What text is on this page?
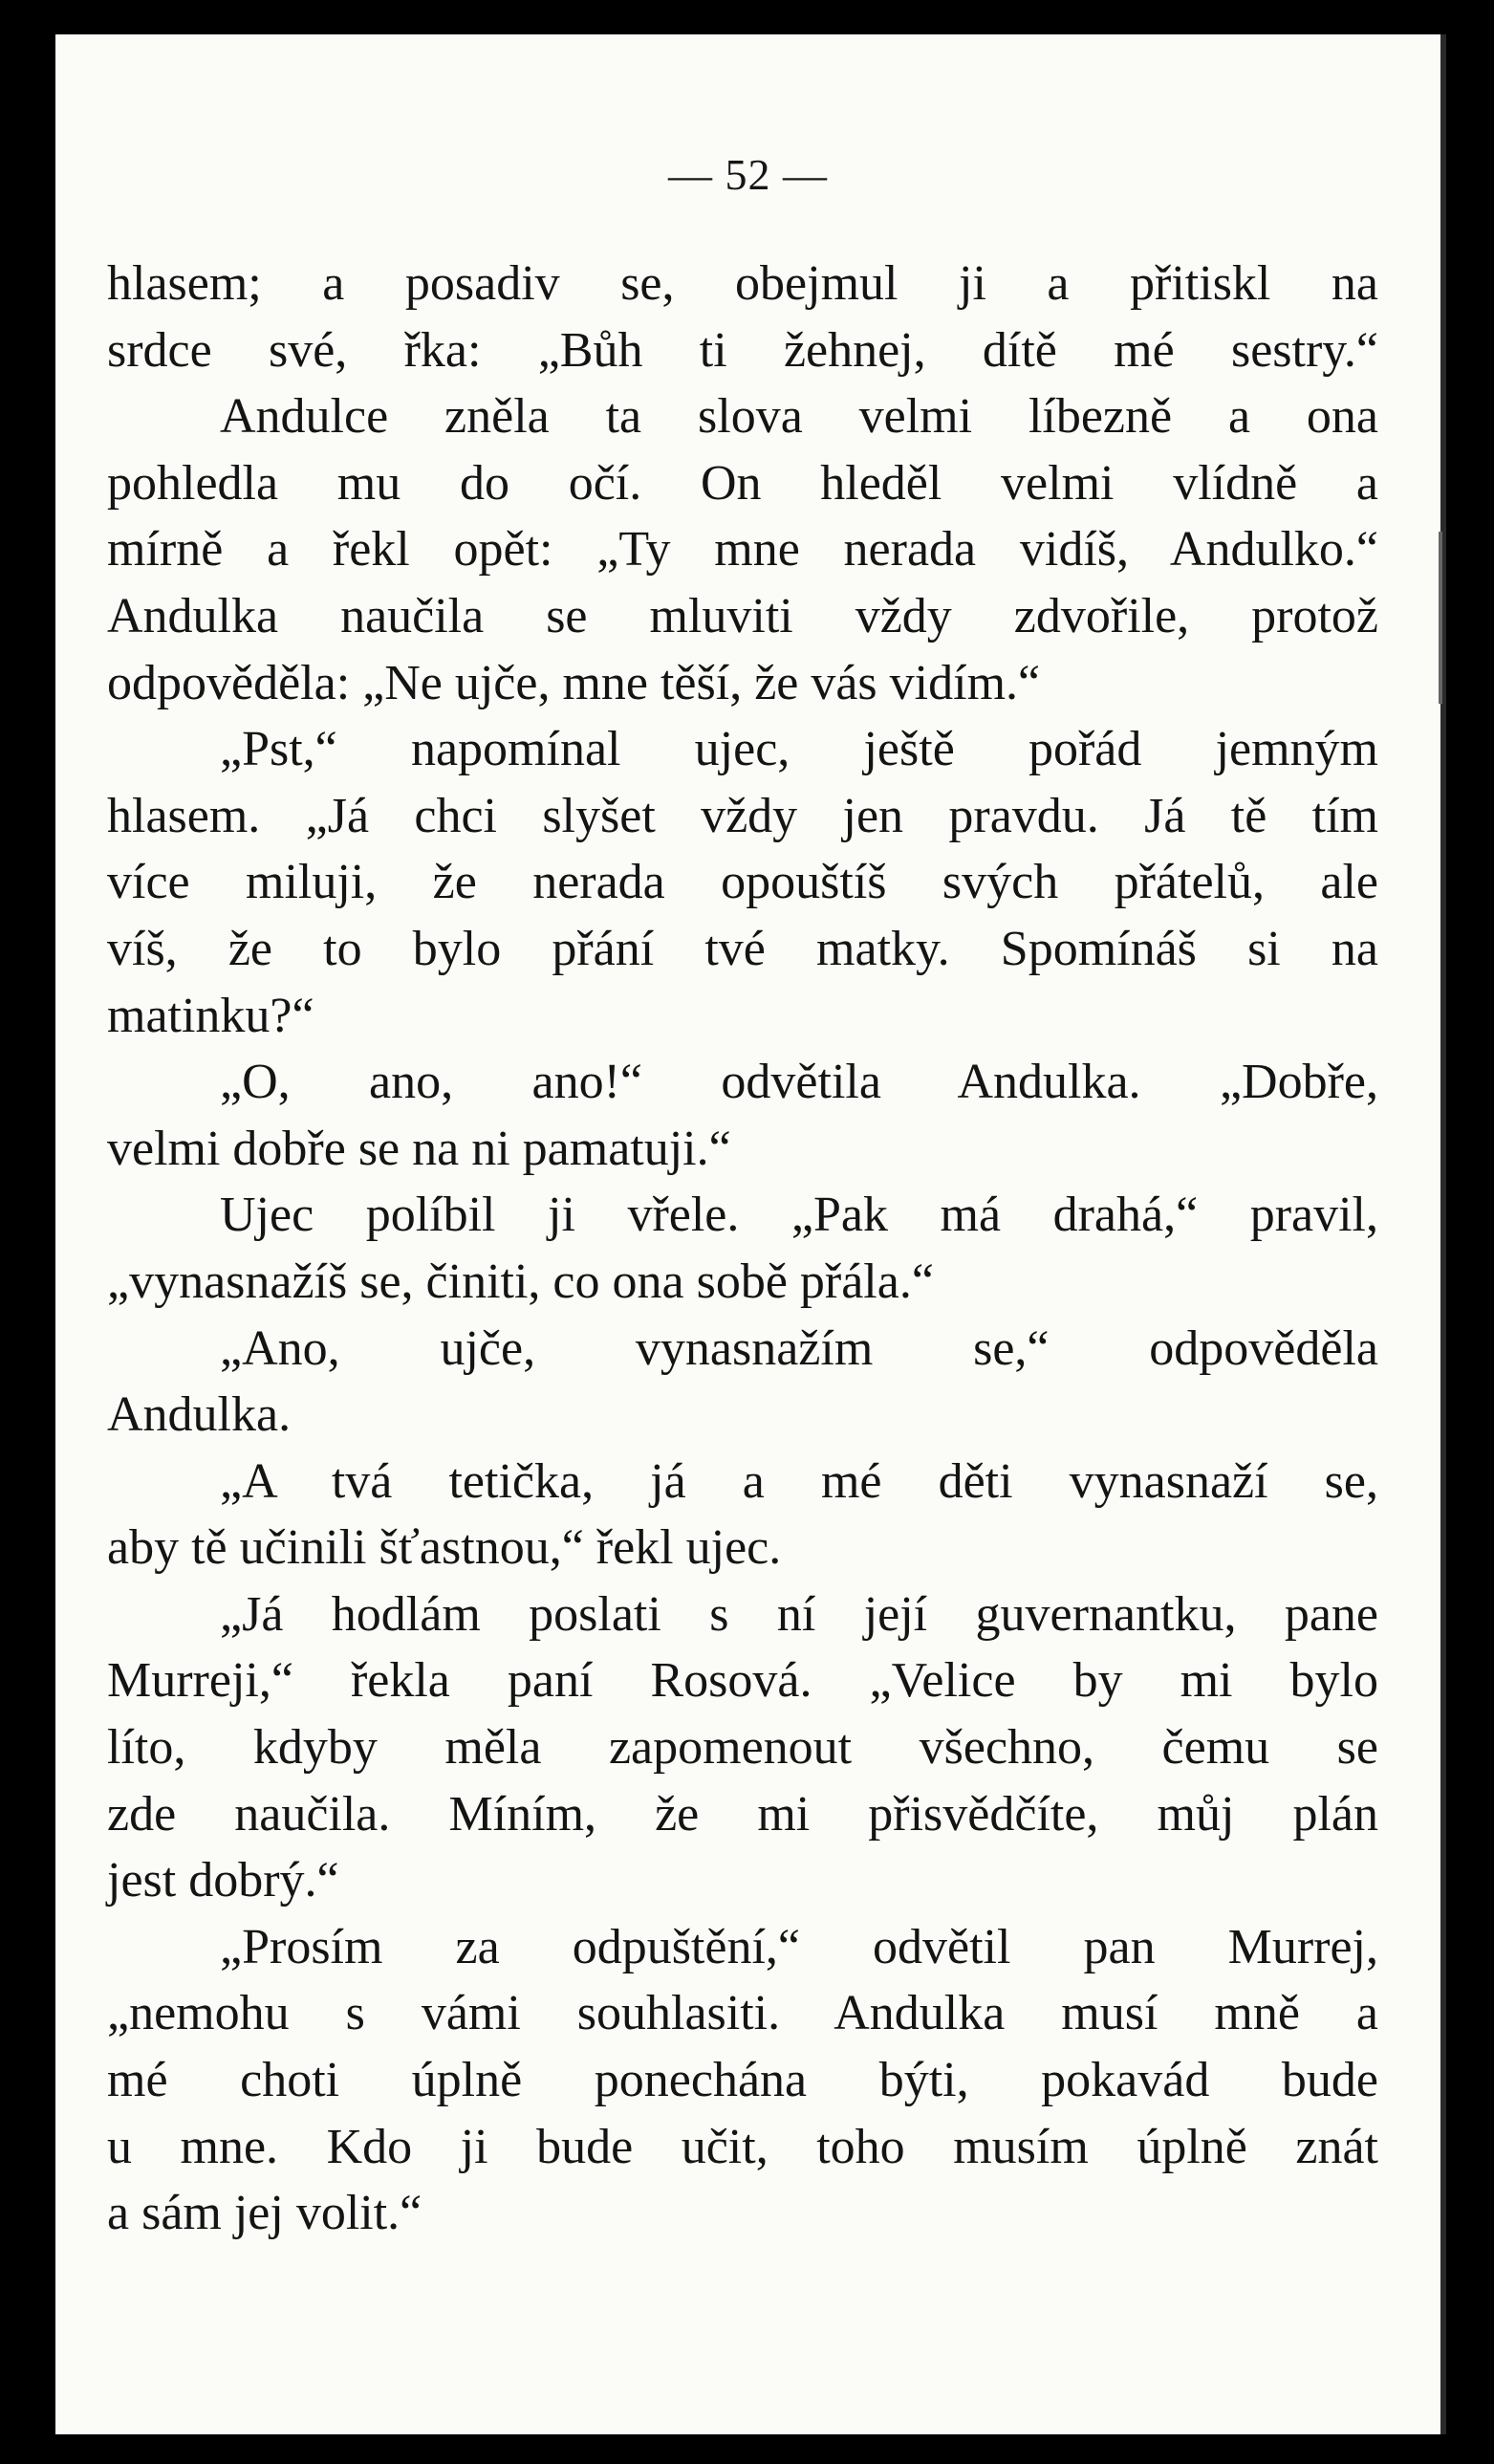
— 52 —
hlasem; a posadiv se, obejmul ji a přitiskl na
srdce své, řka: „Bůh ti žehnej, dítě mé sestry.“
Andulce zněla ta slova velmi líbezně a ona
pohledla mu do očí. On hleděl velmi vlídně a
mírně a řekl opět: „Ty mne nerada vidíš, Andulko.“
Andulka naučila se mluviti vždy zdvořile, protož
odpověděla: „Ne ujče, mne těší, že vás vidím.“
„Pst,“ napomínal ujec, ještě pořád jemným
hlasem. „Já chci slyšet vždy jen pravdu. Já tě tím
více miluji, že nerada opouštíš svých přátelů, ale
víš, že to bylo přání tvé matky. Spomínáš si na
matinku?“
„O, ano, ano!“ odvětila Andulka. „Dobře,
velmi dobře se na ni pamatuji.“
Ujec políbil ji vřele. „Pak má drahá,“ pravil,
„vynasnažíš se, činiti, co ona sobě přála.“
„Ano, ujče, vynasnažím se,“ odpověděla
Andulka.
„A tvá tetička, já a mé děti vynasnaží se,
aby tě učinili šťastnou,“ řekl ujec.
„Já hodlám poslati s ní její guvernantku, pane
Murreji,“ řekla paní Rosová. „Velice by mi bylo
líto, kdyby měla zapomenout všechno, čemu se
zde naučila. Míním, že mi přisvědčíte, můj plán
jest dobrý.“
„Prosím za odpuštění,“ odvětil pan Murrej,
„nemohu s vámi souhlasiti. Andulka musí mně a
mé choti úplně ponechána býti, pokavád bude
u mne. Kdo ji bude učit, toho musím úplně znát
a sám jej volit.“
